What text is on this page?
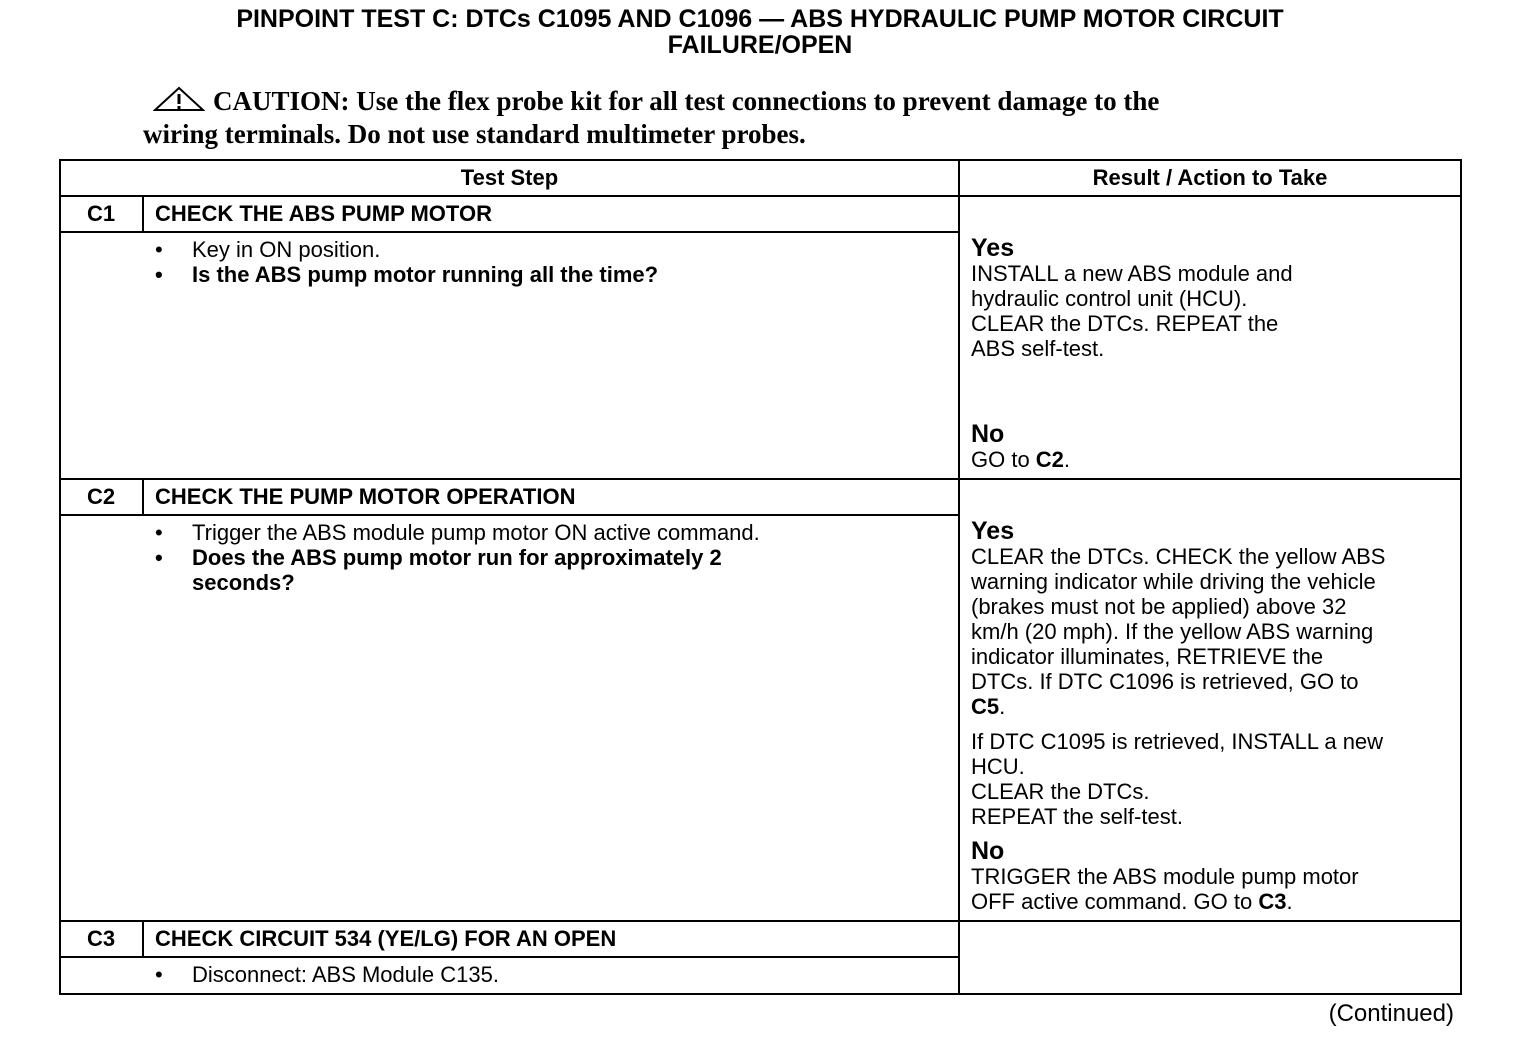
PINPOINT TEST C: DTCs C1095 AND C1096 — ABS HYDRAULIC PUMP MOTOR CIRCUIT
FAILURE/OPEN
CAUTION: Use the flex probe kit for all test connections to prevent damage to the
wiring terminals. Do not use standard multimeter probes.
Test Step	Result / Action to Take
C1	CHECK THE ABS PUMP MOTOR
•	Key in ON position.
•	Is the ABS pump motor running all the time?
Yes
INSTALL a new ABS module and
hydraulic control unit (HCU).
CLEAR the DTCs. REPEAT the
ABS self-test.
No
GO to C2.
C2	CHECK THE PUMP MOTOR OPERATION
•	Trigger the ABS module pump motor ON active command.
•	Does the ABS pump motor run for approximately 2
seconds?
Yes
CLEAR the DTCs. CHECK the yellow ABS
warning indicator while driving the vehicle
(brakes must not be applied) above 32
km/h (20 mph). If the yellow ABS warning
indicator illuminates, RETRIEVE the
DTCs. If DTC C1096 is retrieved, GO to
C5.
If DTC C1095 is retrieved, INSTALL a new
HCU.
CLEAR the DTCs.
REPEAT the self-test.
No
TRIGGER the ABS module pump motor
OFF active command. GO to C3.
C3	CHECK CIRCUIT 534 (YE/LG) FOR AN OPEN
•	Disconnect: ABS Module C135.
(Continued)
